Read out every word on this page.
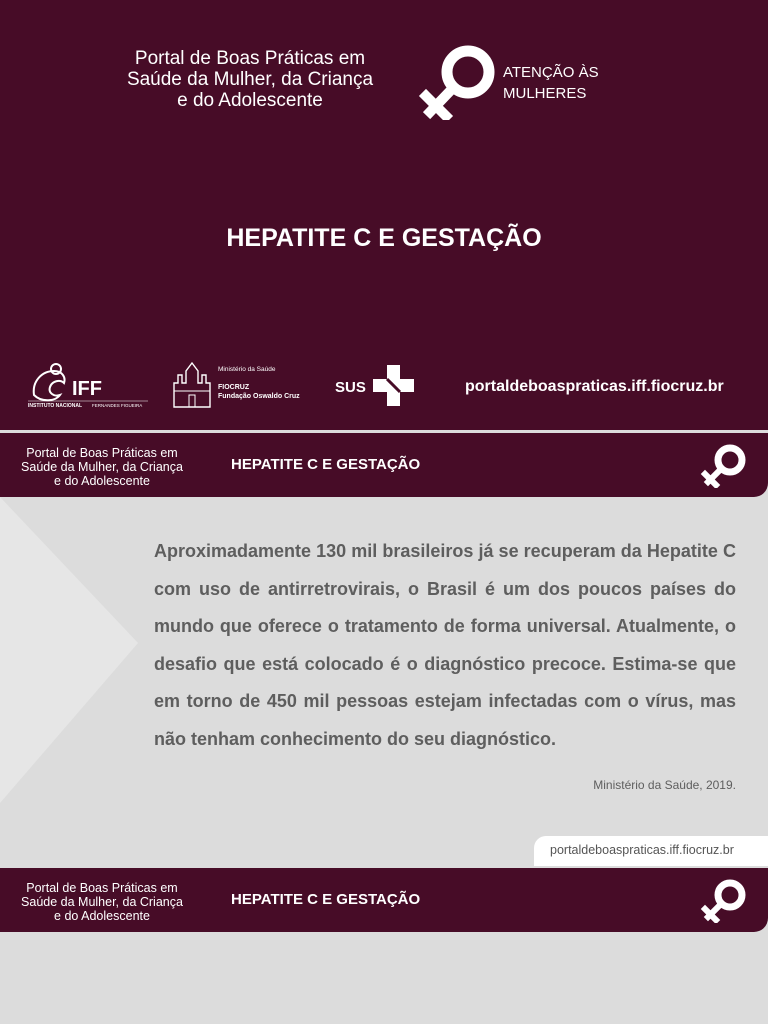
Portal de Boas Práticas em
Saúde da Mulher, da Criança
e do Adolescente
ATENÇÃO ÀS
MULHERES
HEPATITE C E GESTAÇÃO
IFF
INSTITUTO NACIONAL FERNANDES FIGUEIRA
Ministério da Saúde
FIOCRUZ
Fundação Oswaldo Cruz
SUS	portaldeboaspraticas.iff.fiocruz.br
Portal de Boas Práticas em
Saúde da Mulher, da Criança
e do Adolescente
HEPATITE C E GESTAÇÃO
Aproximadamente 130 mil brasileiros já se recuperam da Hepatite C com uso de antirretrovirais, o Brasil é um dos poucos países do mundo que oferece o tratamento de forma universal. Atualmente, o desafio que está colocado é o diagnóstico precoce. Estima-se que em torno de 450 mil pessoas estejam infectadas com o vírus, mas não tenham conhecimento do seu diagnóstico.
Ministério da Saúde, 2019.
portaldeboaspraticas.iff.fiocruz.br
Portal de Boas Práticas em
Saúde da Mulher, da Criança
e do Adolescente
HEPATITE C E GESTAÇÃO
